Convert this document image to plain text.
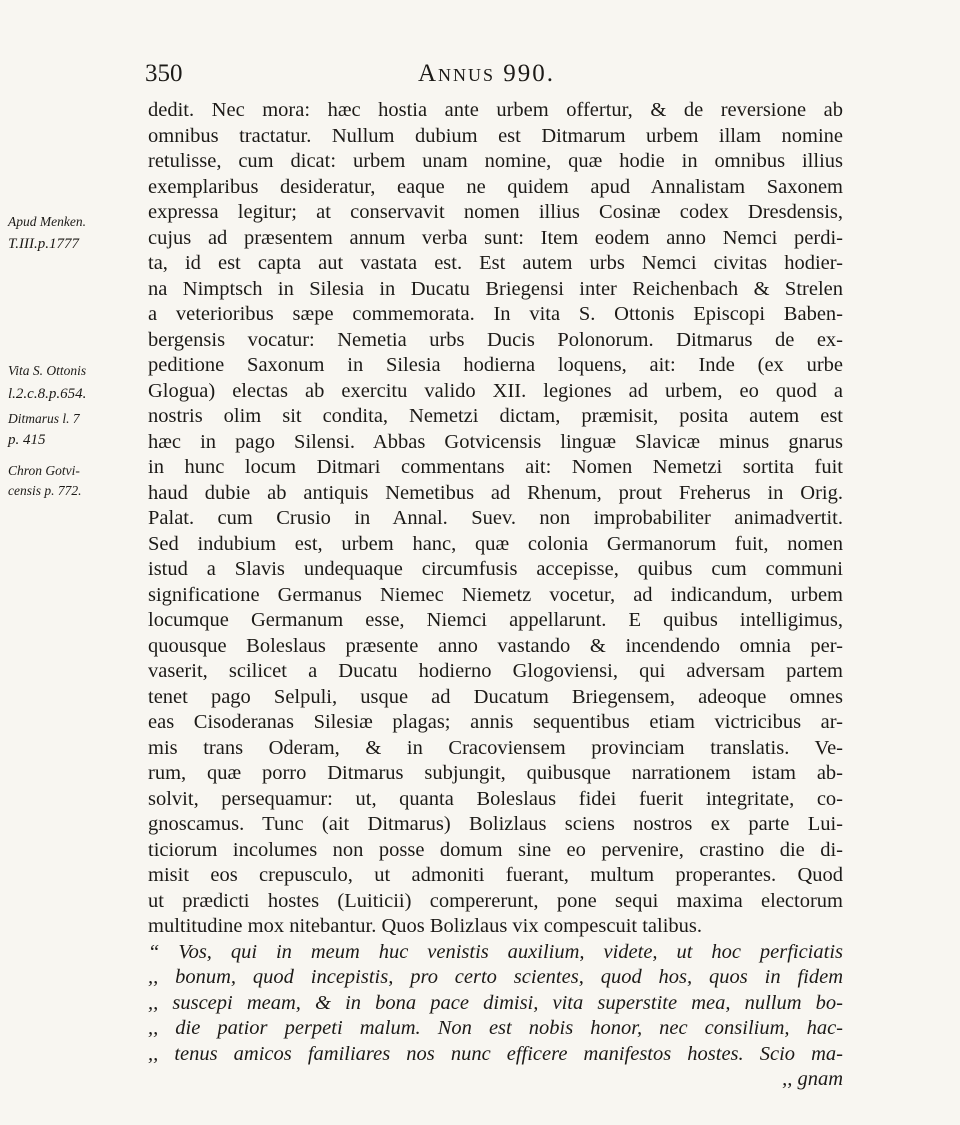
350	Annus 990.
Apud Menken.
T.III.p.1777
Vita S. Ottonis
l.2.c.8.p.654.
Ditmarus l. 7
p. 415
Chron Gotvi-
censis p. 772.
dedit. Nec mora: hæc hostia ante urbem offertur, & de reversione ab
omnibus tractatur. Nullum dubium est Ditmarum urbem illam nomine
retulisse, cum dicat: urbem unam nomine, quæ hodie in omnibus illius
exemplaribus desideratur, eaque ne quidem apud Annalistam Saxonem
expressa legitur; at conservavit nomen illius Cosinæ codex Dresdensis,
cujus ad præsentem annum verba sunt: Item eodem anno Nemci perdi-
ta, id est capta aut vastata est. Est autem urbs Nemci civitas hodier-
na Nimptsch in Silesia in Ducatu Briegensi inter Reichenbach & Strelen
a veterioribus sæpe commemorata. In vita S. Ottonis Episcopi Baben-
bergensis vocatur: Nemetia urbs Ducis Polonorum. Ditmarus de ex-
peditione Saxonum in Silesia hodierna loquens, ait: Inde (ex urbe
Glogua) electas ab exercitu valido XII. legiones ad urbem, eo quod a
nostris olim sit condita, Nemetzi dictam, præmisit, posita autem est
hæc in pago Silensi. Abbas Gotvicensis linguæ Slavicæ minus gnarus
in hunc locum Ditmari commentans ait: Nomen Nemetzi sortita fuit
haud dubie ab antiquis Nemetibus ad Rhenum, prout Freherus in Orig.
Palat. cum Crusio in Annal. Suev. non improbabiliter animadvertit.
Sed indubium est, urbem hanc, quæ colonia Germanorum fuit, nomen
istud a Slavis undequaque circumfusis accepisse, quibus cum communi
significatione Germanus Niemec Niemetz vocetur, ad indicandum, urbem
locumque Germanum esse, Niemci appellarunt. E quibus intelligimus,
quousque Boleslaus præsente anno vastando & incendendo omnia per-
vaserit, scilicet a Ducatu hodierno Glogoviensi, qui adversam partem
tenet pago Selpuli, usque ad Ducatum Briegensem, adeoque omnes
eas Cisoderanas Silesiæ plagas; annis sequentibus etiam victricibus ar-
mis trans Oderam, & in Cracoviensem provinciam translatis. Ve-
rum, quæ porro Ditmarus subjungit, quibusque narrationem istam ab-
solvit, persequamur: ut, quanta Boleslaus fidei fuerit integritate, co-
gnoscamus. Tunc (ait Ditmarus) Bolizlaus sciens nostros ex parte Lui-
ticiorum incolumes non posse domum sine eo pervenire, crastino die di-
misit eos crepusculo, ut admoniti fuerant, multum properantes. Quod
ut prædicti hostes (Luiticii) compererunt, pone sequi maxima electorum
multitudine mox nitebantur. Quos Bolizlaus vix compescuit talibus.
“ Vos, qui in meum huc venistis auxilium, videte, ut hoc perficiatis
,, bonum, quod incepistis, pro certo scientes, quod hos, quos in fidem
,, suscepi meam, & in bona pace dimisi, vita superstite mea, nullum bo-
,, die patior perpeti malum. Non est nobis honor, nec consilium, hac-
,, tenus amicos familiares nos nunc efficere manifestos hostes. Scio ma-
,, gnam
